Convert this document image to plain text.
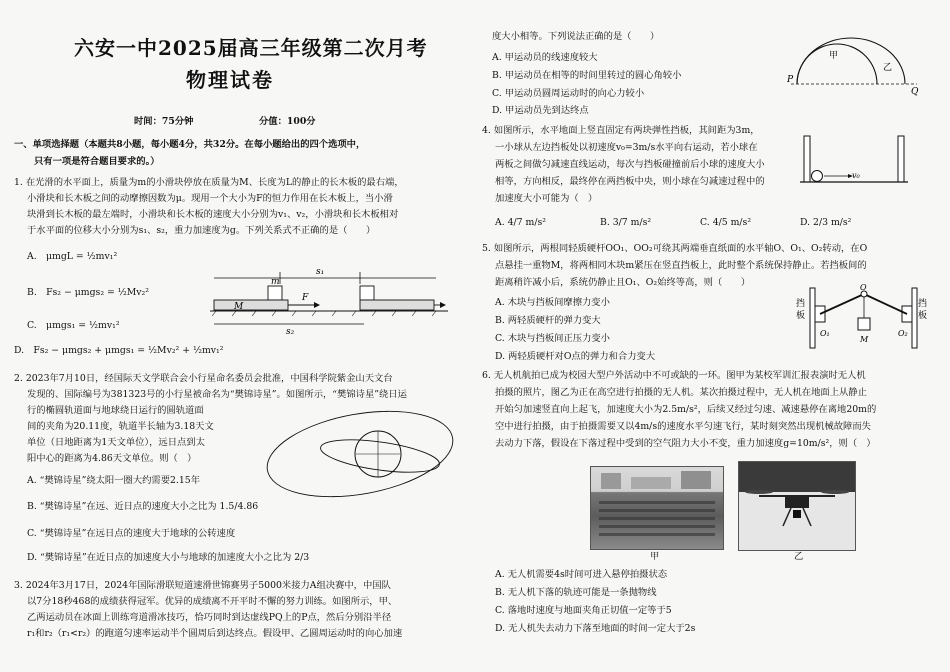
六安一中2025届高三年级第二次月考
物理试卷
时间：75分钟	分值：100分
一、单项选择题（本题共8小题，每小题4分，共32分。在每小题给出的四个选项中，
只有一项是符合题目要求的。）
1. 在光滑的水平面上，质量为m的小滑块停放在质量为M、长度为L的静止的长木板的最右端，
小滑块和长木板之间的动摩擦因数为μ。现用一个大小为F的恒力作用在长木板上，当小滑
块滑到长木板的最左端时，小滑块和长木板的速度大小分别为v₁、v₂，小滑块和长木板相对
于水平面的位移大小分别为s₁、s₂，重力加速度为g。下列关系式不正确的是（　　）
A.　μmgL = ½mv₁²
B.　Fs₂ − μmgs₂ = ½Mv₂²
C.　μmgs₁ = ½mv₁²
D.　Fs₂ − μmgs₂ + μmgs₁ = ½Mv₂² + ½mv₁²
s₁
m
M
F
s₂
2. 2023年7月10日，经国际天文学联合会小行星命名委员会批准，中国科学院紫金山天文台
发现的、国际编号为381323号的小行星被命名为“樊锦诗星”。如图所示，“樊锦诗星”绕日运
行的椭圆轨道面与地球绕日运行的圆轨道面
间的夹角为20.11度，轨道半长轴为3.18天文
单位（日地距离为1天文单位），远日点到太
阳中心的距离为4.86天文单位。则（　）
A. “樊锦诗星”绕太阳一圈大约需要2.15年
B. “樊锦诗星”在远、近日点的速度大小之比为 1.5/4.86
C. “樊锦诗星”在远日点的速度大于地球的公转速度
D. “樊锦诗星”在近日点的加速度大小与地球的加速度大小之比为 2/3
3. 2024年3月17日，2024年国际滑联短道速滑世锦赛男子5000米接力A组决赛中，中国队
以7分18秒468的成绩获得冠军。优异的成绩离不开平时不懈的努力训练。如图所示，甲、
乙两运动员在冰面上训练弯道滑冰技巧，恰巧同时到达虚线PQ上的P点，然后分别沿半径
r₁和r₂（r₁<r₂）的跑道匀速率运动半个圆周后到达终点。假设甲、乙圆周运动时的向心加速
度大小相等。下列说法正确的是（　　）
A. 甲运动员的线速度较大
B. 甲运动员在相等的时间里转过的圆心角较小
C. 甲运动员圆周运动时的向心力较小
D. 甲运动员先到达终点
P
Q
甲
乙
4. 如图所示，水平地面上竖直固定有两块弹性挡板，其间距为3m，
一小球从左边挡板处以初速度v₀=3m/s水平向右运动，若小球在
两板之间做匀减速直线运动，每次与挡板碰撞前后小球的速度大小
相等，方向相反，最终停在两挡板中央，则小球在匀减速过程中的
加速度大小可能为（　）
A. 4/7 m/s²	B. 3/7 m/s²	C. 4/5 m/s²	D. 2/3 m/s²
v₀
5. 如图所示，两根同轻质硬杆OO₁、OO₂可绕其两端垂直纸面的水平轴O、O₁、O₂转动，在O
点悬挂一重物M，将两相同木块m紧压在竖直挡板上，此时整个系统保持静止。若挡板间的
距离稍许减小后，系统仍静止且O₁、O₂始终等高，则（　　）
A. 木块与挡板间摩擦力变小
B. 两轻质硬杆的弹力变大
C. 木块与挡板间正压力变小
D. 两轻质硬杆对O点的弹力和合力变大
挡
板
挡
板
O
M
O₁	O₂
6. 无人机航拍已成为校园大型户外活动中不可或缺的一环。图甲为某校军训汇报表演时无人机
拍摄的照片，图乙为正在高空进行拍摄的无人机。某次拍摄过程中，无人机在地面上从静止
开始匀加速竖直向上起飞，加速度大小为2.5m/s²，后续又经过匀速、减速悬停在离地20m的
空中进行拍摄，由于拍摄需要又以4m/s的速度水平匀速飞行，某时刻突然出现机械故障而失
去动力下落，假设在下落过程中受到的空气阻力大小不变，重力加速度g=10m/s²，则（　）
甲	乙
A. 无人机需要4s时间可进入悬停拍摄状态
B. 无人机下落的轨迹可能是一条抛物线
C. 落地时速度与地面夹角正切值一定等于5
D. 无人机失去动力下落至地面的时间一定大于2s
